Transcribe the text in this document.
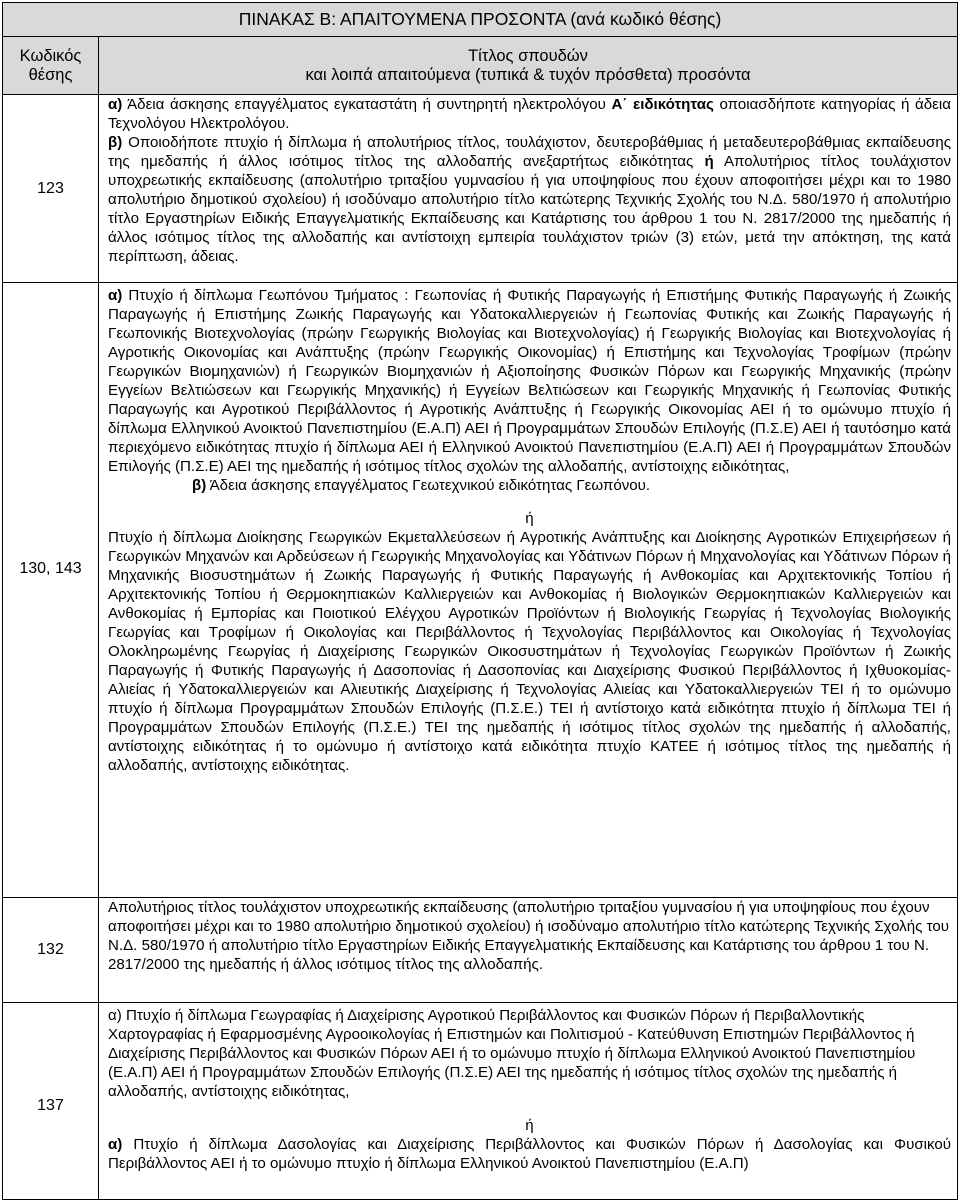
ΠΙΝΑΚΑΣ Β: ΑΠΑΙΤΟΥΜΕΝΑ ΠΡΟΣΟΝΤΑ (ανά κωδικό θέσης)	
Κωδικός
θέσης	Τίτλος σπουδών
και λοιπά απαιτούμενα (τυπικά & τυχόν πρόσθετα) προσόντα
123	α) Άδεια άσκησης επαγγέλματος εγκαταστάτη ή συντηρητή ηλεκτρολόγου Α΄ ειδικότητας οποιασδήποτε κατηγορίας ή άδεια Τεχνολόγου Ηλεκτρολόγου.

β) Οποιοδήποτε πτυχίο ή δίπλωμα ή απολυτήριος τίτλος, τουλάχιστον, δευτεροβάθμιας ή μεταδευτεροβάθμιας εκπαίδευσης της ημεδαπής ή άλλος ισότιμος τίτλος της αλλοδαπής ανεξαρτήτως ειδικότητας ή Απολυτήριος τίτλος τουλάχιστον υποχρεωτικής εκπαίδευσης (απολυτήριο τριταξίου γυμνασίου ή για υποψηφίους που έχουν αποφοιτήσει μέχρι και το 1980 απολυτήριο δημοτικού σχολείου) ή ισοδύναμο απολυτήριο τίτλο κατώτερης Τεχνικής Σχολής του Ν.Δ. 580/1970 ή απολυτήριο τίτλο Εργαστηρίων Ειδικής Επαγγελματικής Εκπαίδευσης και Κατάρτισης του άρθρου 1 του Ν. 2817/2000 της ημεδαπής ή άλλος ισότιμος τίτλος της αλλοδαπής και αντίστοιχη εμπειρία τουλάχιστον τριών (3) ετών, μετά την απόκτηση, της κατά περίπτωση, άδειας.

130, 143	α) Πτυχίο ή δίπλωμα Γεωπόνου Τμήματος : Γεωπονίας ή Φυτικής Παραγωγής ή Επιστήμης Φυτικής Παραγωγής ή Ζωικής Παραγωγής ή Επιστήμης Ζωικής Παραγωγής και Υδατοκαλλιεργειών ή Γεωπονίας Φυτικής και Ζωικής Παραγωγής ή Γεωπονικής Βιοτεχνολογίας (πρώην Γεωργικής Βιολογίας και Βιοτεχνολογίας) ή Γεωργικής Βιολογίας και Βιοτεχνολογίας ή Αγροτικής Οικονομίας και Ανάπτυξης (πρώην Γεωργικής Οικονομίας) ή Επιστήμης και Τεχνολογίας Τροφίμων (πρώην Γεωργικών Βιομηχανιών) ή Γεωργικών Βιομηχανιών ή Αξιοποίησης Φυσικών Πόρων και Γεωργικής Μηχανικής (πρώην Εγγείων Βελτιώσεων και Γεωργικής Μηχανικής) ή Εγγείων Βελτιώσεων και Γεωργικής Μηχανικής ή Γεωπονίας Φυτικής Παραγωγής και Αγροτικού Περιβάλλοντος ή Αγροτικής Ανάπτυξης ή Γεωργικής Οικονομίας ΑΕΙ ή το ομώνυμο πτυχίο ή δίπλωμα Ελληνικού Ανοικτού Πανεπιστημίου (Ε.Α.Π) ΑΕΙ ή Προγραμμάτων Σπουδών Επιλογής (Π.Σ.Ε) ΑΕΙ ή ταυτόσημο κατά περιεχόμενο ειδικότητας πτυχίο ή δίπλωμα ΑΕΙ ή Ελληνικού Ανοικτού Πανεπιστημίου (Ε.Α.Π) ΑΕΙ ή Προγραμμάτων Σπουδών Επιλογής (Π.Σ.Ε) ΑΕΙ της ημεδαπής ή ισότιμος τίτλος σχολών της αλλοδαπής, αντίστοιχης ειδικότητας,

β) Άδεια άσκησης επαγγέλματος Γεωτεχνικού ειδικότητας Γεωπόνου.

ή

Πτυχίο ή δίπλωμα Διοίκησης Γεωργικών Εκμεταλλεύσεων ή Αγροτικής Ανάπτυξης και Διοίκησης Αγροτικών Επιχειρήσεων ή Γεωργικών Μηχανών και Αρδεύσεων ή Γεωργικής Μηχανολογίας και Υδάτινων Πόρων ή Μηχανολογίας και Υδάτινων Πόρων ή Μηχανικής Βιοσυστημάτων ή Ζωικής Παραγωγής ή Φυτικής Παραγωγής ή Ανθοκομίας και Αρχιτεκτονικής Τοπίου ή Αρχιτεκτονικής Τοπίου ή Θερμοκηπιακών Καλλιεργειών και Ανθοκομίας ή Βιολογικών Θερμοκηπιακών Καλλιεργειών και Ανθοκομίας ή Εμπορίας και Ποιοτικού Ελέγχου Αγροτικών Προϊόντων ή Βιολογικής Γεωργίας ή Τεχνολογίας Βιολογικής Γεωργίας και Τροφίμων ή Οικολογίας και Περιβάλλοντος ή Τεχνολογίας Περιβάλλοντος και Οικολογίας ή Τεχνολογίας Ολοκληρωμένης Γεωργίας ή Διαχείρισης Γεωργικών Οικοσυστημάτων ή Τεχνολογίας Γεωργικών Προϊόντων ή Ζωικής Παραγωγής ή Φυτικής Παραγωγής ή Δασοπονίας ή Δασοπονίας και Διαχείρισης Φυσικού Περιβάλλοντος ή Ιχθυοκομίας-Αλιείας ή Υδατοκαλλιεργειών και Αλιευτικής Διαχείρισης ή Τεχνολογίας Αλιείας και Υδατοκαλλιεργειών ΤΕΙ ή το ομώνυμο πτυχίο ή δίπλωμα Προγραμμάτων Σπουδών Επιλογής (Π.Σ.Ε.) ΤΕΙ ή αντίστοιχο κατά ειδικότητα πτυχίο ή δίπλωμα ΤΕΙ ή Προγραμμάτων Σπουδών Επιλογής (Π.Σ.Ε.) ΤΕΙ της ημεδαπής ή ισότιμος τίτλος σχολών της ημεδαπής ή αλλοδαπής, αντίστοιχης ειδικότητας ή το ομώνυμο ή αντίστοιχο κατά ειδικότητα πτυχίο ΚΑΤΕΕ ή ισότιμος τίτλος της ημεδαπής ή αλλοδαπής, αντίστοιχης ειδικότητας.

132	Απολυτήριος τίτλος τουλάχιστον υποχρεωτικής εκπαίδευσης (απολυτήριο τριταξίου γυμνασίου ή για υποψηφίους που έχουν αποφοιτήσει μέχρι και το 1980 απολυτήριο δημοτικού σχολείου) ή ισοδύναμο απολυτήριο τίτλο κατώτερης Τεχνικής Σχολής του Ν.Δ. 580/1970 ή απολυτήριο τίτλο Εργαστηρίων Ειδικής Επαγγελματικής Εκπαίδευσης και Κατάρτισης του άρθρου 1 του Ν. 2817/2000 της ημεδαπής ή άλλος ισότιμος τίτλος της αλλοδαπής.

137	α) Πτυχίο ή δίπλωμα Γεωγραφίας ή Διαχείρισης Αγροτικού Περιβάλλοντος και Φυσικών Πόρων ή Περιβαλλοντικής Χαρτογραφίας ή Εφαρμοσμένης Αγροοικολογίας ή Επιστημών και Πολιτισμού - Κατεύθυνση Επιστημών Περιβάλλοντος ή Διαχείρισης Περιβάλλοντος και Φυσικών Πόρων ΑΕΙ ή το ομώνυμο πτυχίο ή δίπλωμα Ελληνικού Ανοικτού Πανεπιστημίου (Ε.Α.Π) ΑΕΙ ή Προγραμμάτων Σπουδών Επιλογής (Π.Σ.Ε) ΑΕΙ της ημεδαπής ή ισότιμος τίτλος σχολών της ημεδαπής ή αλλοδαπής, αντίστοιχης ειδικότητας,

ή

α) Πτυχίο ή δίπλωμα Δασολογίας και Διαχείρισης Περιβάλλοντος και Φυσικών Πόρων ή Δασολογίας και Φυσικού Περιβάλλοντος ΑΕΙ ή το ομώνυμο πτυχίο ή δίπλωμα Ελληνικού Ανοικτού Πανεπιστημίου (Ε.Α.Π)
